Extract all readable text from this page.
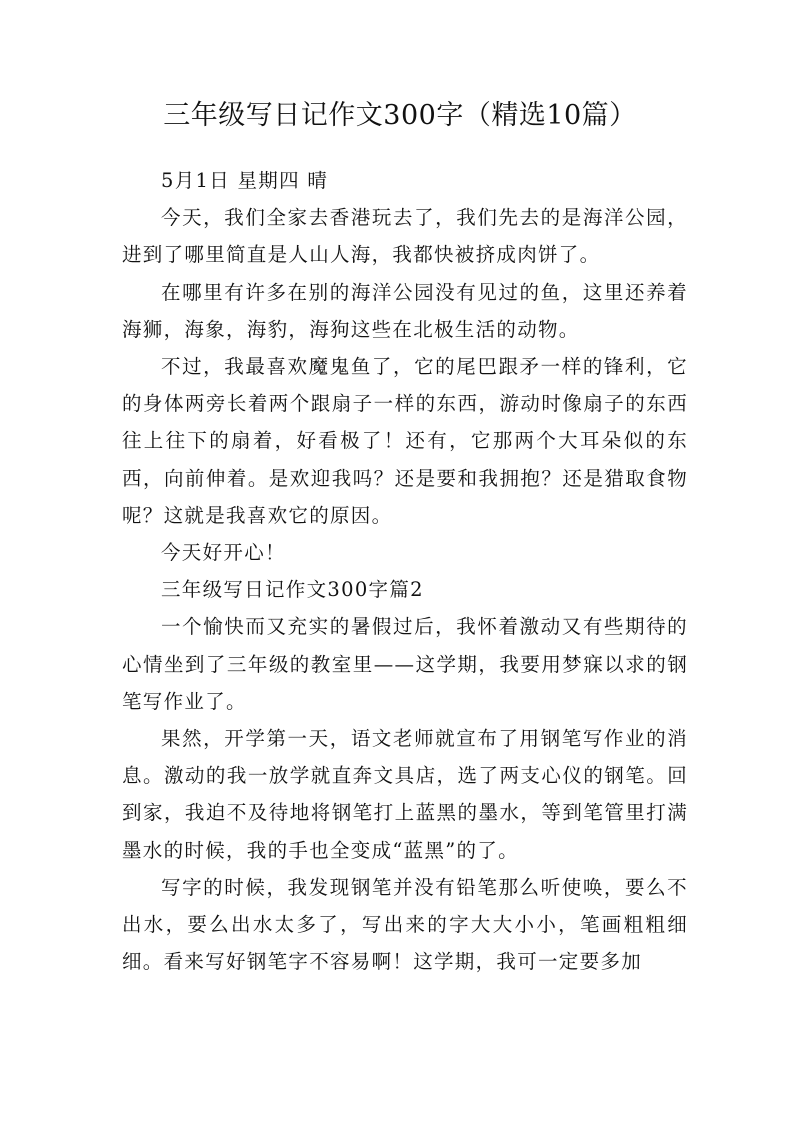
三年级写日记作文300字（精选10篇）

5月1日 星期四 晴

今天，我们全家去香港玩去了，我们先去的是海洋公园，进到了哪里简直是人山人海，我都快被挤成肉饼了。

在哪里有许多在别的海洋公园没有见过的鱼，这里还养着海狮，海象，海豹，海狗这些在北极生活的动物。

不过，我最喜欢魔鬼鱼了，它的尾巴跟矛一样的锋利，它的身体两旁长着两个跟扇子一样的东西，游动时像扇子的东西往上往下的扇着，好看极了！还有，它那两个大耳朵似的东西，向前伸着。是欢迎我吗？还是要和我拥抱？还是猎取食物呢？这就是我喜欢它的原因。

今天好开心！

三年级写日记作文300字篇2

一个愉快而又充实的暑假过后，我怀着激动又有些期待的心情坐到了三年级的教室里——这学期，我要用梦寐以求的钢笔写作业了。

果然，开学第一天，语文老师就宣布了用钢笔写作业的消息。激动的我一放学就直奔文具店，选了两支心仪的钢笔。回到家，我迫不及待地将钢笔打上蓝黑的墨水，等到笔管里打满墨水的时候，我的手也全变成“蓝黑”的了。

写字的时候，我发现钢笔并没有铅笔那么听使唤，要么不出水，要么出水太多了，写出来的字大大小小，笔画粗粗细细。看来写好钢笔字不容易啊！这学期，我可一定要多加
